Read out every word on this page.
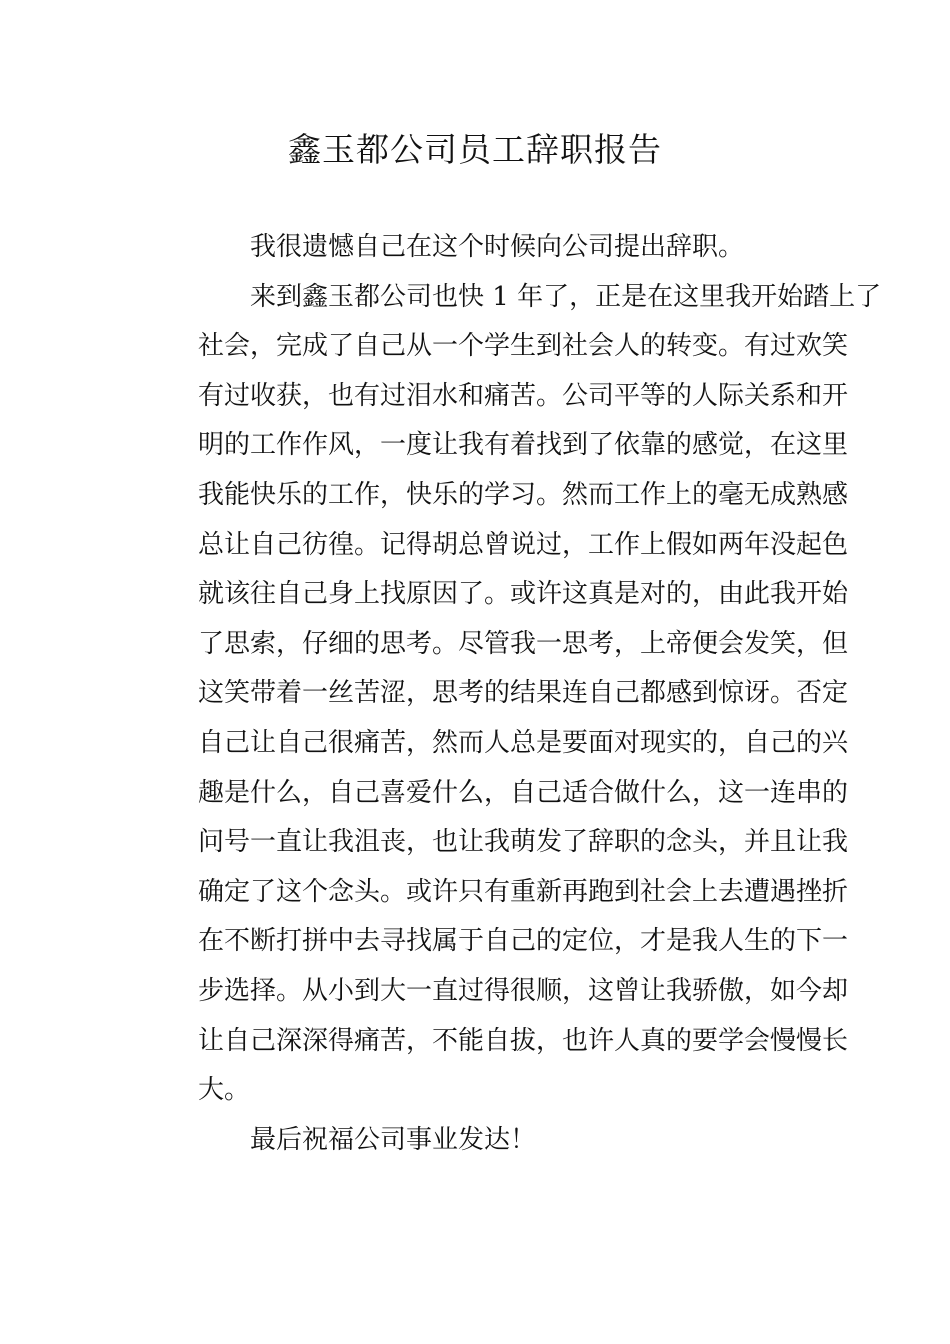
鑫玉都公司员工辞职报告

我很遗憾自己在这个时候向公司提出辞职。

来到鑫玉都公司也快 1 年了，正是在这里我开始踏上了
社会，完成了自己从一个学生到社会人的转变。有过欢笑
有过收获，也有过泪水和痛苦。公司平等的人际关系和开
明的工作作风，一度让我有着找到了依靠的感觉，在这里
我能快乐的工作，快乐的学习。然而工作上的毫无成熟感
总让自己彷徨。记得胡总曾说过，工作上假如两年没起色
就该往自己身上找原因了。或许这真是对的，由此我开始
了思索，仔细的思考。尽管我一思考，上帝便会发笑，但
这笑带着一丝苦涩，思考的结果连自己都感到惊讶。否定
自己让自己很痛苦，然而人总是要面对现实的，自己的兴
趣是什么，自己喜爱什么，自己适合做什么，这一连串的
问号一直让我沮丧，也让我萌发了辞职的念头，并且让我
确定了这个念头。或许只有重新再跑到社会上去遭遇挫折
在不断打拼中去寻找属于自己的定位，才是我人生的下一
步选择。从小到大一直过得很顺，这曾让我骄傲，如今却
让自己深深得痛苦，不能自拔，也许人真的要学会慢慢长
大。

最后祝福公司事业发达！
